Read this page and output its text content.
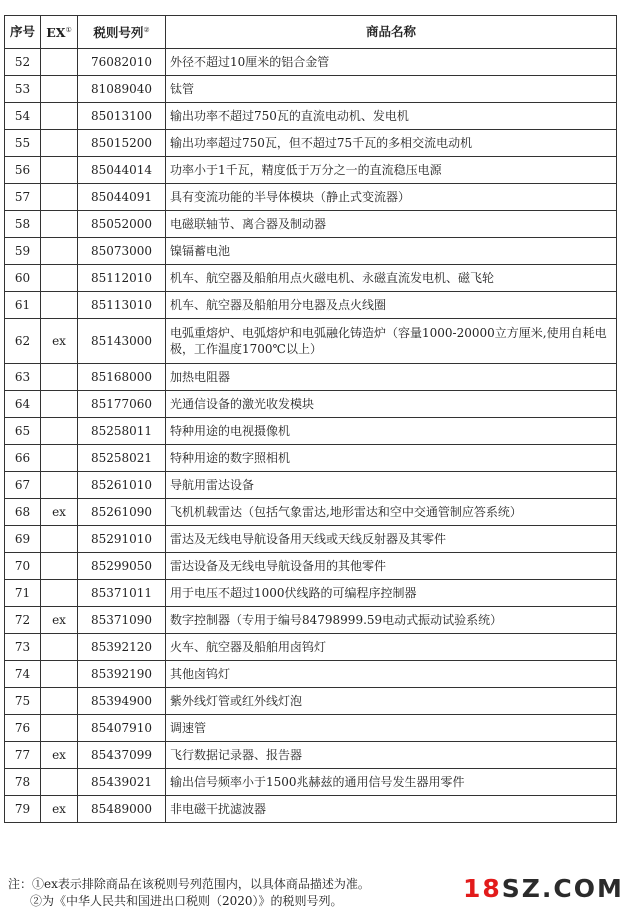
序号	EX①	税则号列②	商品名称
52		76082010	外径不超过10厘米的铝合金管
53		81089040	钛管
54		85013100	输出功率不超过750瓦的直流电动机、发电机
55		85015200	输出功率超过750瓦，但不超过75千瓦的多相交流电动机
56		85044014	功率小于1千瓦，精度低于万分之一的直流稳压电源
57		85044091	具有变流功能的半导体模块（静止式变流器）
58		85052000	电磁联轴节、离合器及制动器
59		85073000	镍镉蓄电池
60		85112010	机车、航空器及船舶用点火磁电机、永磁直流发电机、磁飞轮
61		85113010	机车、航空器及船舶用分电器及点火线圈
62	ex	85143000	电弧重熔炉、电弧熔炉和电弧融化铸造炉（容量1000-20000立方厘米,使用自耗电极，工作温度1700℃以上）
63		85168000	加热电阻器
64		85177060	光通信设备的激光收发模块
65		85258011	特种用途的电视摄像机
66		85258021	特种用途的数字照相机
67		85261010	导航用雷达设备
68	ex	85261090	飞机机载雷达（包括气象雷达,地形雷达和空中交通管制应答系统）
69		85291010	雷达及无线电导航设备用天线或天线反射器及其零件
70		85299050	雷达设备及无线电导航设备用的其他零件
71		85371011	用于电压不超过1000伏线路的可编程序控制器
72	ex	85371090	数字控制器（专用于编号84798999.59电动式振动试验系统）
73		85392120	火车、航空器及船舶用卤钨灯
74		85392190	其他卤钨灯
75		85394900	紫外线灯管或红外线灯泡
76		85407910	调速管
77	ex	85437099	飞行数据记录器、报告器
78		85439021	输出信号频率小于1500兆赫兹的通用信号发生器用零件
79	ex	85489000	非电磁干扰滤波器
注：①ex表示排除商品在该税则号列范围内，以具体商品描述为准。
②为《中华人民共和国进出口税则（2020）》的税则号列。	18SZ.COM
